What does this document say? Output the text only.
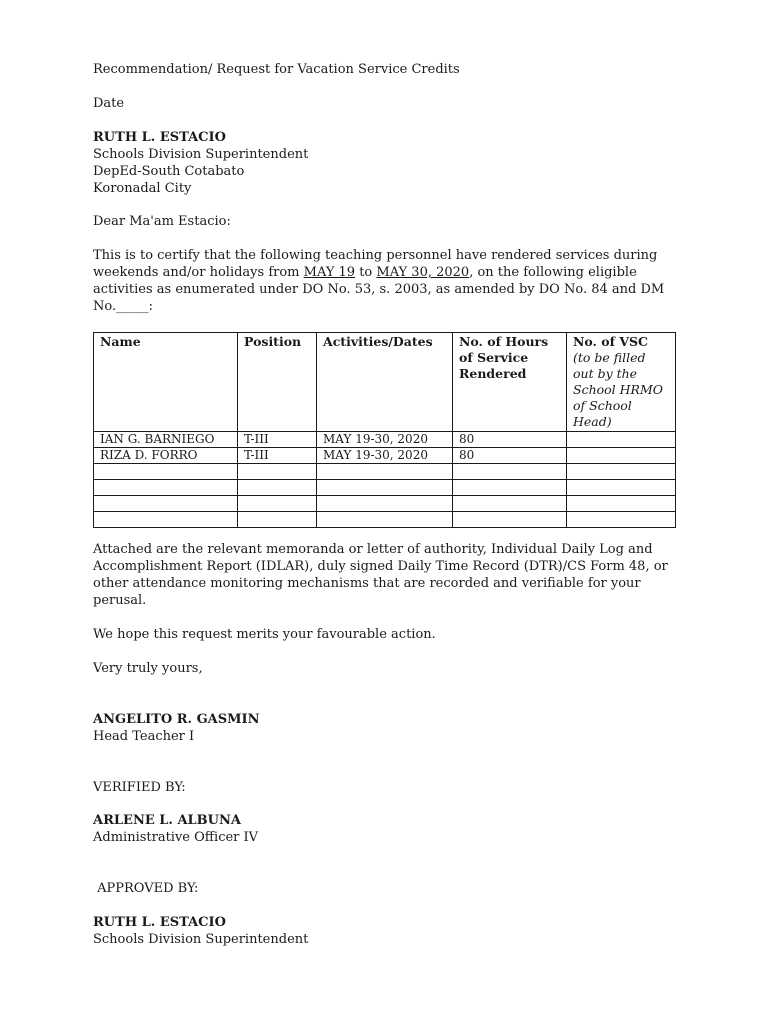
Recommendation/ Request for Vacation Service Credits

Date

RUTH L. ESTACIO
Schools Division Superintendent
DepEd-South Cotabato
Koronadal City

Dear Ma'am Estacio:

This is to certify that the following teaching personnel have rendered services during weekends and/or holidays from MAY 19 to MAY 30, 2020, on the following eligible activities as enumerated under DO No. 53, s. 2003, as amended by DO No. 84 and DM No._____:

Name	Position	Activities/Dates	No. of Hours of Service Rendered	No. of VSC
(to be filled out by the School HRMO of School Head)

IAN G. BARNIEGO	T-III	MAY 19-30, 2020	80	
RIZA D. FORRO	T-III	MAY 19-30, 2020	80	

Attached are the relevant memoranda or letter of authority, Individual Daily Log and Accomplishment Report (IDLAR), duly signed Daily Time Record (DTR)/CS Form 48, or other attendance monitoring mechanisms that are recorded and verifiable for your perusal.

We hope this request merits your favourable action.

Very truly yours,

ANGELITO R. GASMIN
Head Teacher I

VERIFIED BY:

ARLENE L. ALBUNA
Administrative Officer IV

APPROVED BY:

RUTH L. ESTACIO
Schools Division Superintendent
